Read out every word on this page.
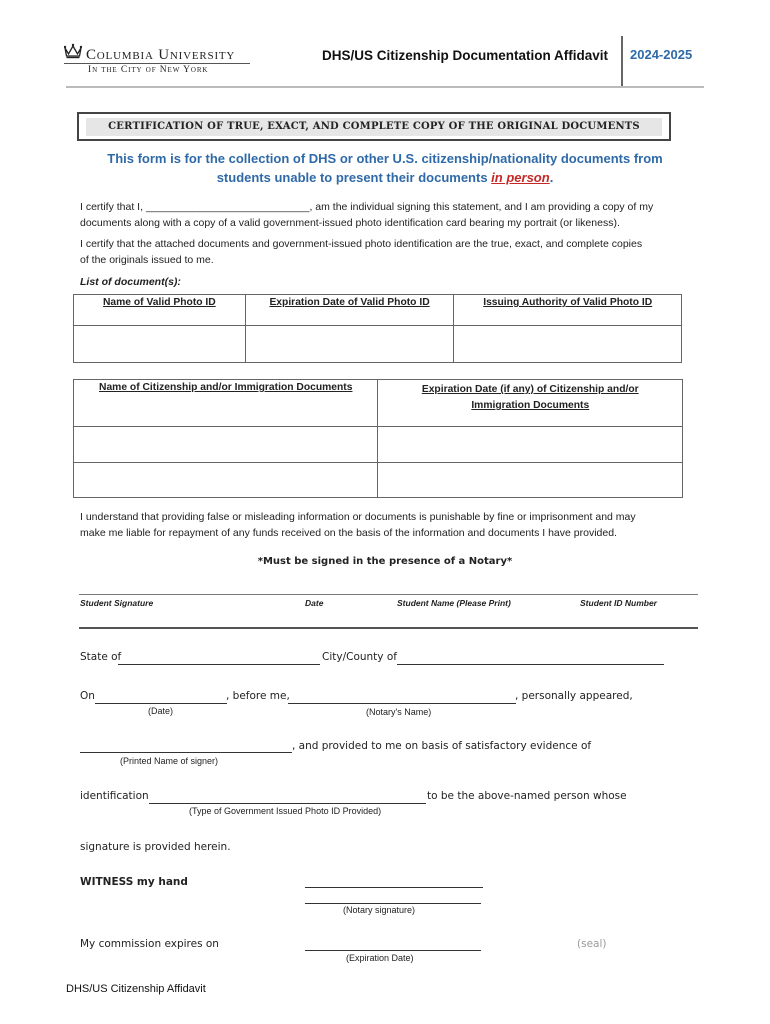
Columbia University
In the City of New York
DHS/US Citizenship Documentation Affidavit 2024-2025
CERTIFICATION OF TRUE, EXACT, AND COMPLETE COPY OF THE ORIGINAL DOCUMENTS
This form is for the collection of DHS or other U.S. citizenship/nationality documents from
students unable to present their documents in person.
I certify that I, ____________________________, am the individual signing this statement, and I am providing a copy of my
documents along with a copy of a valid government-issued photo identification card bearing my portrait (or likeness).
I certify that the attached documents and government-issued photo identification are the true, exact, and complete copies
of the originals issued to me.
List of document(s):
Name of Valid Photo ID	Expiration Date of Valid Photo ID	Issuing Authority of Valid Photo ID

Name of Citizenship and/or Immigration Documents	Expiration Date (if any) of Citizenship and/or
Immigration Documents

I understand that providing false or misleading information or documents is punishable by fine or imprisonment and may
make me liable for repayment of any funds received on the basis of the information and documents I have provided.
*Must be signed in the presence of a Notary*
Student Signature	Date	Student Name (Please Print)	Student ID Number
State of	City/County of
On	, before me,	, personally appeared,
(Date)	(Notary's Name)
, and provided to me on basis of satisfactory evidence of
(Printed Name of signer)
identification	to be the above-named person whose
(Type of Government Issued Photo ID Provided)
signature is provided herein.
WITNESS my hand
(Notary signature)
My commission expires on	(seal)
(Expiration Date)
DHS/US Citizenship Affidavit
